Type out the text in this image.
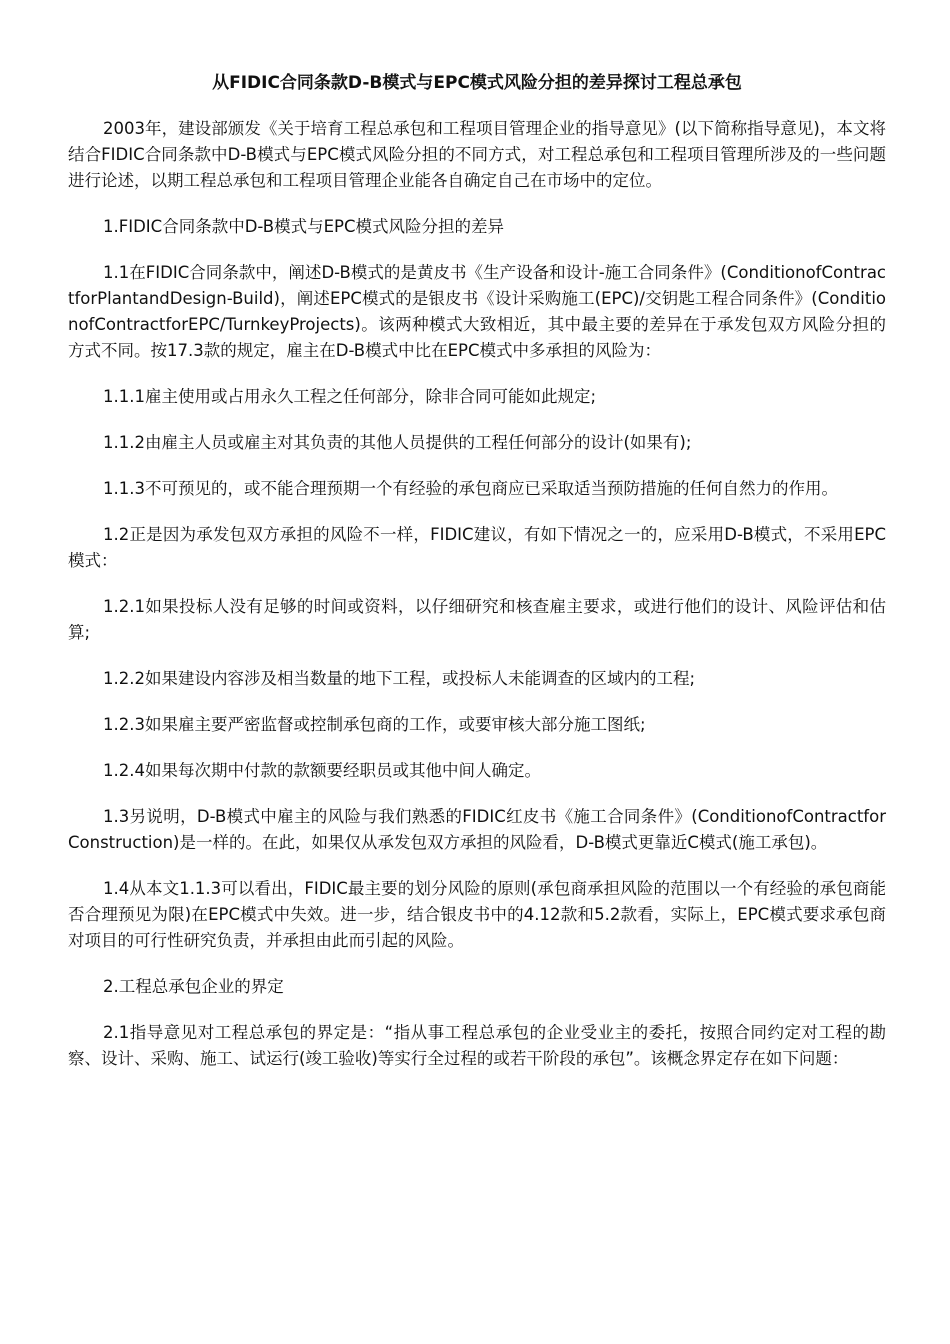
从FIDIC合同条款D-B模式与EPC模式风险分担的差异探讨工程总承包
2003年，建设部颁发《关于培育工程总承包和工程项目管理企业的指导意见》(以下简称指导意见)，本文将结合FIDIC合同条款中D-B模式与EPC模式风险分担的不同方式，对工程总承包和工程项目管理所涉及的一些问题进行论述，以期工程总承包和工程项目管理企业能各自确定自己在市场中的定位。
1.FIDIC合同条款中D-B模式与EPC模式风险分担的差异
1.1在FIDIC合同条款中，阐述D-B模式的是黄皮书《生产设备和设计-施工合同条件》(ConditionofContractforPlantandDesign-Build)，阐述EPC模式的是银皮书《设计采购施工(EPC)/交钥匙工程合同条件》(ConditionofContractforEPC/TurnkeyProjects)。该两种模式大致相近，其中最主要的差异在于承发包双方风险分担的方式不同。按17.3款的规定，雇主在D-B模式中比在EPC模式中多承担的风险为：
1.1.1雇主使用或占用永久工程之任何部分，除非合同可能如此规定;
1.1.2由雇主人员或雇主对其负责的其他人员提供的工程任何部分的设计(如果有);
1.1.3不可预见的，或不能合理预期一个有经验的承包商应已采取适当预防措施的任何自然力的作用。
1.2正是因为承发包双方承担的风险不一样，FIDIC建议，有如下情况之一的，应采用D-B模式，不采用EPC模式：
1.2.1如果投标人没有足够的时间或资料，以仔细研究和核查雇主要求，或进行他们的设计、风险评估和估算;
1.2.2如果建设内容涉及相当数量的地下工程，或投标人未能调查的区域内的工程;
1.2.3如果雇主要严密监督或控制承包商的工作，或要审核大部分施工图纸;
1.2.4如果每次期中付款的款额要经职员或其他中间人确定。
1.3另说明，D-B模式中雇主的风险与我们熟悉的FIDIC红皮书《施工合同条件》(ConditionofContractforConstruction)是一样的。在此，如果仅从承发包双方承担的风险看，D-B模式更靠近C模式(施工承包)。
1.4从本文1.1.3可以看出，FIDIC最主要的划分风险的原则(承包商承担风险的范围以一个有经验的承包商能否合理预见为限)在EPC模式中失效。进一步，结合银皮书中的4.12款和5.2款看，实际上，EPC模式要求承包商对项目的可行性研究负责，并承担由此而引起的风险。
2.工程总承包企业的界定
2.1指导意见对工程总承包的界定是：“指从事工程总承包的企业受业主的委托，按照合同约定对工程的勘察、设计、采购、施工、试运行(竣工验收)等实行全过程的或若干阶段的承包”。该概念界定存在如下问题：
